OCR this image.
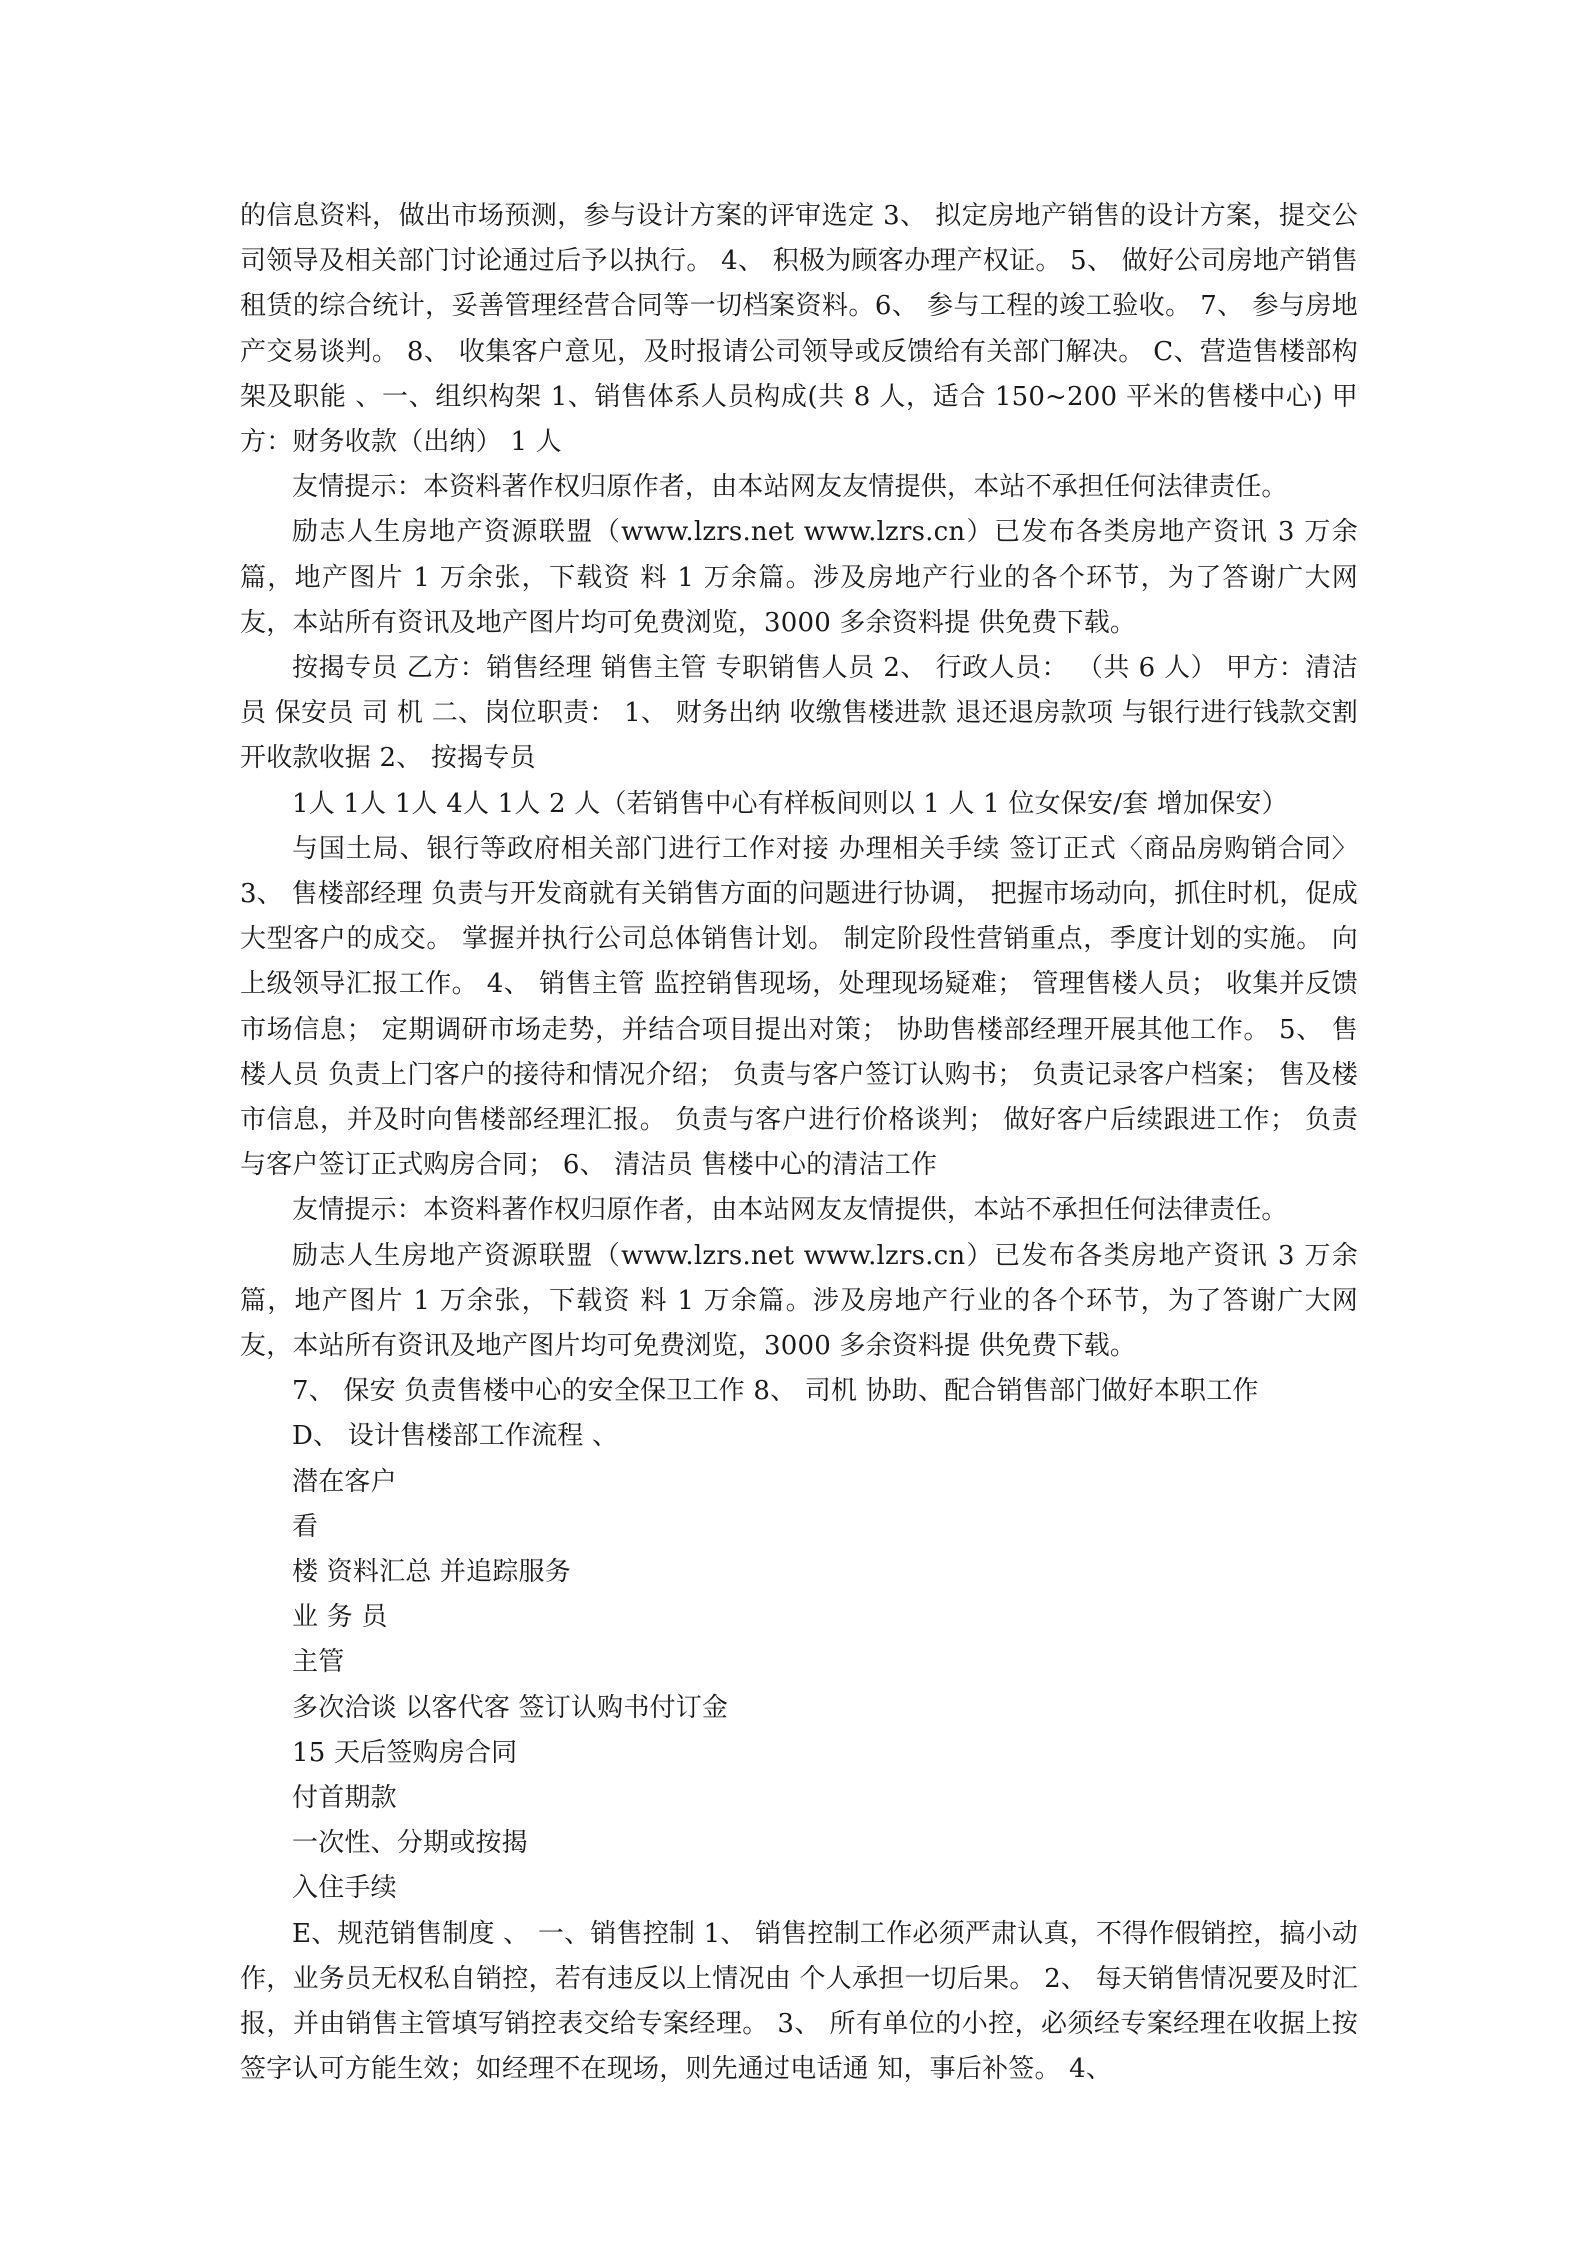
的信息资料，做出市场预测，参与设计方案的评审选定 3、 拟定房地产销售的设计方案，提交公司领导及相关部门讨论通过后予以执行。 4、 积极为顾客办理产权证。 5、 做好公司房地产销售租赁的综合统计，妥善管理经营合同等一切档案资料。6、 参与工程的竣工验收。 7、 参与房地产交易谈判。 8、 收集客户意见，及时报请公司领导或反馈给有关部门解决。 C、营造售楼部构架及职能 、一、组织构架 1、销售体系人员构成(共 8 人，适合 150~200 平米的售楼中心) 甲方：财务收款（出纳） 1 人

友情提示：本资料著作权归原作者，由本站网友友情提供，本站不承担任何法律责任。

励志人生房地产资源联盟（www.lzrs.net www.lzrs.cn）已发布各类房地产资讯 3 万余篇，地产图片 1 万余张，下载资 料 1 万余篇。涉及房地产行业的各个环节，为了答谢广大网友，本站所有资讯及地产图片均可免费浏览，3000 多余资料提 供免费下载。

按揭专员 乙方：销售经理 销售主管 专职销售人员 2、 行政人员： （共 6 人） 甲方：清洁员 保安员 司 机 二、岗位职责： 1、 财务出纳 收缴售楼进款 退还退房款项 与银行进行钱款交割 开收款收据 2、 按揭专员

1人 1人 1人 4人 1人 2 人（若销售中心有样板间则以 1 人 1 位女保安/套 增加保安）

与国土局、银行等政府相关部门进行工作对接 办理相关手续 签订正式〈商品房购销合同〉 3、 售楼部经理 负责与开发商就有关销售方面的问题进行协调， 把握市场动向，抓住时机，促成大型客户的成交。 掌握并执行公司总体销售计划。 制定阶段性营销重点，季度计划的实施。 向上级领导汇报工作。 4、 销售主管 监控销售现场，处理现场疑难； 管理售楼人员； 收集并反馈市场信息； 定期调研市场走势，并结合项目提出对策； 协助售楼部经理开展其他工作。 5、 售楼人员 负责上门客户的接待和情况介绍； 负责与客户签订认购书； 负责记录客户档案； 售及楼市信息，并及时向售楼部经理汇报。 负责与客户进行价格谈判； 做好客户后续跟进工作； 负责与客户签订正式购房合同； 6、 清洁员 售楼中心的清洁工作

友情提示：本资料著作权归原作者，由本站网友友情提供，本站不承担任何法律责任。

励志人生房地产资源联盟（www.lzrs.net www.lzrs.cn）已发布各类房地产资讯 3 万余篇，地产图片 1 万余张，下载资 料 1 万余篇。涉及房地产行业的各个环节，为了答谢广大网友，本站所有资讯及地产图片均可免费浏览，3000 多余资料提 供免费下载。

7、 保安 负责售楼中心的安全保卫工作 8、 司机 协助、配合销售部门做好本职工作

D、 设计售楼部工作流程 、
潜在客户
看
楼 资料汇总 并追踪服务
业 务 员
主管
多次洽谈 以客代客 签订认购书付订金
15 天后签购房合同
付首期款
一次性、分期或按揭
入住手续

E、规范销售制度 、 一、销售控制 1、 销售控制工作必须严肃认真，不得作假销控，搞小动作，业务员无权私自销控，若有违反以上情况由 个人承担一切后果。 2、 每天销售情况要及时汇报，并由销售主管填写销控表交给专案经理。 3、 所有单位的小控，必须经专案经理在收据上按签字认可方能生效；如经理不在现场，则先通过电话通 知，事后补签。 4、
